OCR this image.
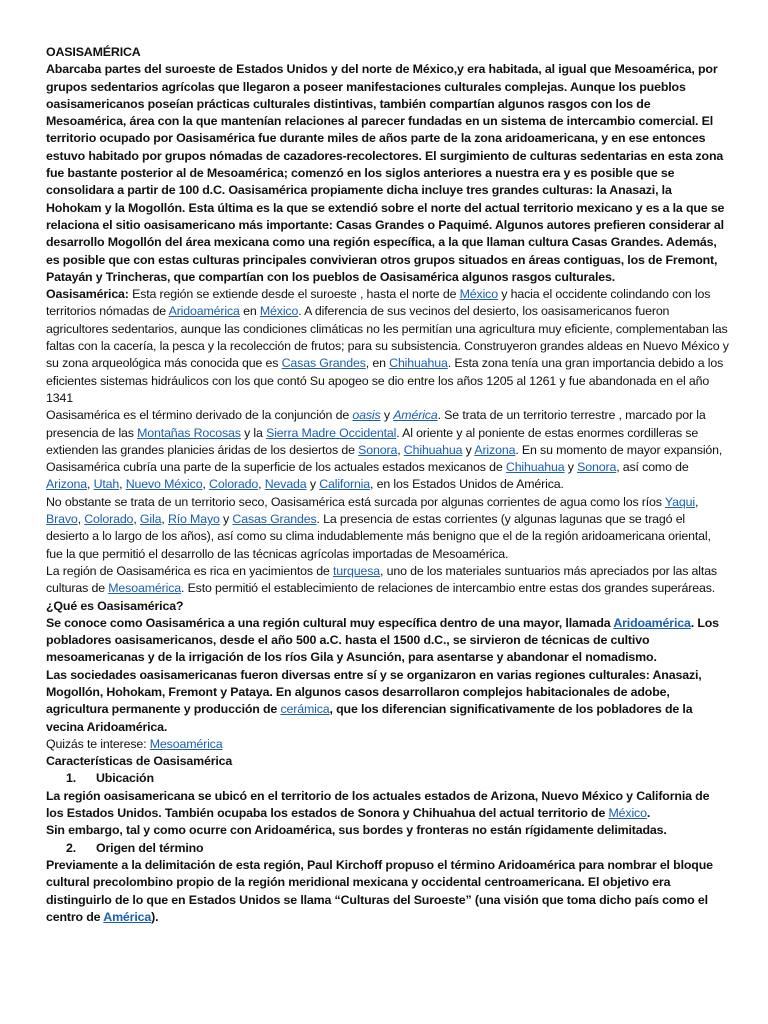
OASISAMÉRICA

Abarcaba partes del suroeste de Estados Unidos y del norte de México,y era habitada, al igual que Mesoamérica, por grupos sedentarios agrícolas que llegaron a poseer manifestaciones culturales complejas. Aunque los pueblos oasisamericanos poseían prácticas culturales distintivas, también compartían algunos rasgos con los de Mesoamérica, área con la que mantenían relaciones al parecer fundadas en un sistema de intercambio comercial. El territorio ocupado por Oasisamérica fue durante miles de años parte de la zona aridoamericana, y en ese entonces estuvo habitado por grupos nómadas de cazadores-recolectores. El surgimiento de culturas sedentarias en esta zona fue bastante posterior al de Mesoamérica; comenzó en los siglos anteriores a nuestra era y es posible que se consolidara a partir de 100 d.C. Oasisamérica propiamente dicha incluye tres grandes culturas: la Anasazi, la Hohokam y la Mogollón. Esta última es la que se extendió sobre el norte del actual territorio mexicano y es a la que se relaciona el sitio oasisamericano más importante: Casas Grandes o Paquimé. Algunos autores prefieren considerar al desarrollo Mogollón del área mexicana como una región específica, a la que llaman cultura Casas Grandes. Además, es posible que con estas culturas principales convivieran otros grupos situados en áreas contiguas, los de Fremont, Patayán y Trincheras, que compartían con los pueblos de Oasisamérica algunos rasgos culturales.

Oasisamérica: Esta región se extiende desde el suroeste , hasta el norte de México y hacia el occidente colindando con los territorios nómadas de Aridoamérica en México. A diferencia de sus vecinos del desierto, los oasisamericanos fueron agricultores sedentarios, aunque las condiciones climáticas no les permitían una agricultura muy eficiente, complementaban las faltas con la cacería, la pesca y la recolección de frutos; para su subsistencia. Construyeron grandes aldeas en Nuevo México y su zona arqueológica más conocida que es Casas Grandes, en Chihuahua. Esta zona tenía una gran importancia debido a los eficientes sistemas hidráulicos con los que contó Su apogeo se dio entre los años 1205 al 1261 y fue abandonada en el año 1341

Oasisamérica es el término derivado de la conjunción de oasis y América. Se trata de un territorio terrestre , marcado por la presencia de las Montañas Rocosas y la Sierra Madre Occidental. Al oriente y al poniente de estas enormes cordilleras se extienden las grandes planicies áridas de los desiertos de Sonora, Chihuahua y Arizona. En su momento de mayor expansión, Oasisamérica cubría una parte de la superficie de los actuales estados mexicanos de Chihuahua y Sonora, así como de Arizona, Utah, Nuevo México, Colorado, Nevada y California, en los Estados Unidos de América.

No obstante se trata de un territorio seco, Oasisamérica está surcada por algunas corrientes de agua como los ríos Yaqui, Bravo, Colorado, Gila, Río Mayo y Casas Grandes. La presencia de estas corrientes (y algunas lagunas que se tragó el desierto a lo largo de los años), así como su clima indudablemente más benigno que el de la región aridoamericana oriental, fue la que permitió el desarrollo de las técnicas agrícolas importadas de Mesoamérica.

La región de Oasisamérica es rica en yacimientos de turquesa, uno de los materiales suntuarios más apreciados por las altas culturas de Mesoamérica. Esto permitió el establecimiento de relaciones de intercambio entre estas dos grandes superáreas.

¿Qué es Oasisamérica?

Se conoce como Oasisamérica a una región cultural muy específica dentro de una mayor, llamada Aridoamérica. Los pobladores oasisamericanos, desde el año 500 a.C. hasta el 1500 d.C., se sirvieron de técnicas de cultivo mesoamericanas y de la irrigación de los ríos Gila y Asunción, para asentarse y abandonar el nomadismo.

Las sociedades oasisamericanas fueron diversas entre sí y se organizaron en varias regiones culturales: Anasazi, Mogollón, Hohokam, Fremont y Pataya. En algunos casos desarrollaron complejos habitacionales de adobe, agricultura permanente y producción de cerámica, que los diferencian significativamente de los pobladores de la vecina Aridoamérica.

Quizás te interese: Mesoamérica

Características de Oasisamérica

1. Ubicación

La región oasisamericana se ubicó en el territorio de los actuales estados de Arizona, Nuevo México y California de los Estados Unidos. También ocupaba los estados de Sonora y Chihuahua del actual territorio de México.

Sin embargo, tal y como ocurre con Aridoamérica, sus bordes y fronteras no están rígidamente delimitadas.

2. Origen del término

Previamente a la delimitación de esta región, Paul Kirchoff propuso el término Aridoamérica para nombrar el bloque cultural precolombino propio de la región meridional mexicana y occidental centroamericana. El objetivo era distinguirlo de lo que en Estados Unidos se llama “Culturas del Suroeste” (una visión que toma dicho país como el centro de América).
